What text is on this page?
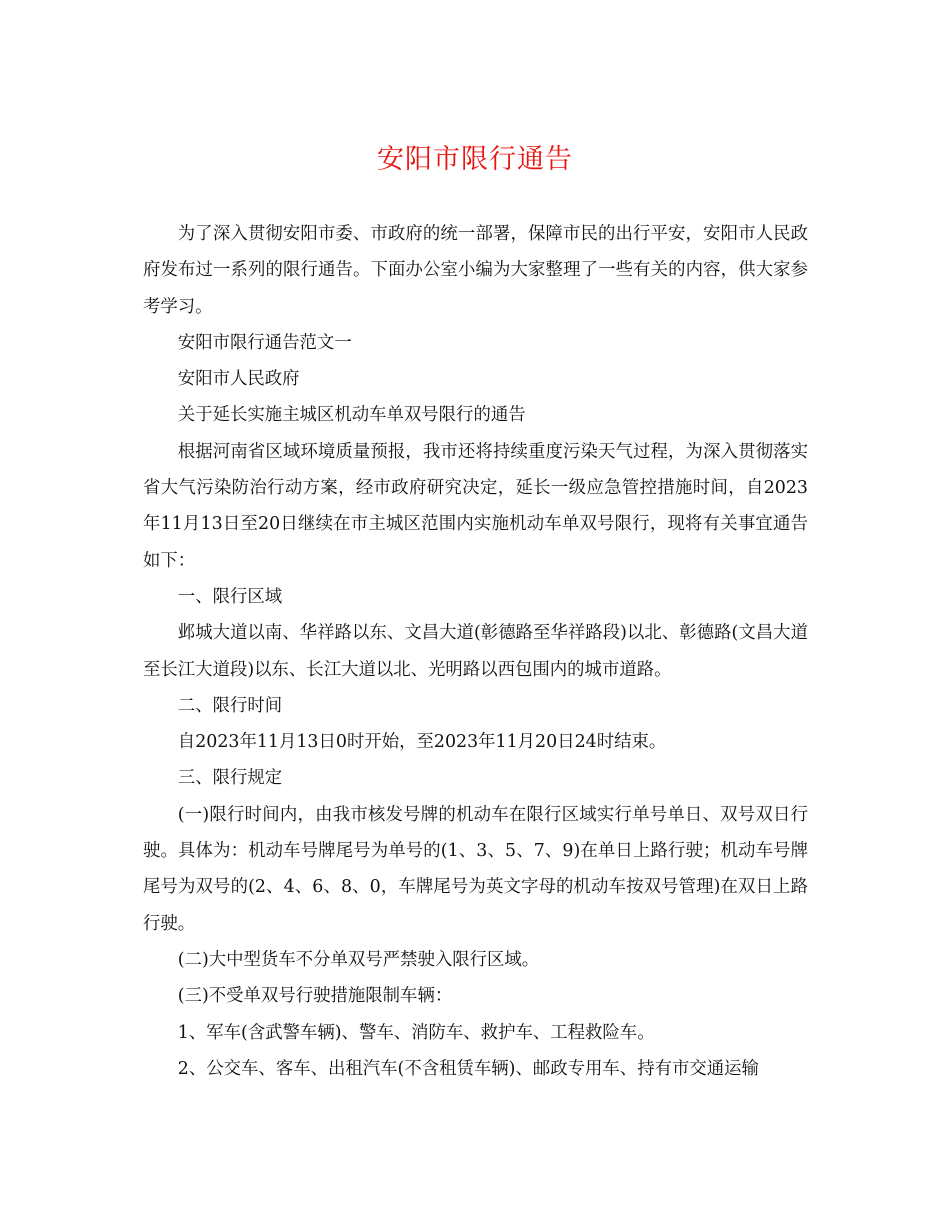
安阳市限行通告

为了深入贯彻安阳市委、市政府的统一部署，保障市民的出行平安，安阳市人民政府发布过一系列的限行通告。下面办公室小编为大家整理了一些有关的内容，供大家参考学习。

安阳市限行通告范文一

安阳市人民政府

关于延长实施主城区机动车单双号限行的通告

根据河南省区域环境质量预报，我市还将持续重度污染天气过程，为深入贯彻落实省大气污染防治行动方案，经市政府研究决定，延长一级应急管控措施时间，自2023年11月13日至20日继续在市主城区范围内实施机动车单双号限行，现将有关事宜通告如下：

一、限行区域

邺城大道以南、华祥路以东、文昌大道(彰德路至华祥路段)以北、彰德路(文昌大道至长江大道段)以东、长江大道以北、光明路以西包围内的城市道路。

二、限行时间

自2023年11月13日0时开始，至2023年11月20日24时结束。

三、限行规定

(一)限行时间内，由我市核发号牌的机动车在限行区域实行单号单日、双号双日行驶。具体为：机动车号牌尾号为单号的(1、3、5、7、9)在单日上路行驶；机动车号牌尾号为双号的(2、4、6、8、0，车牌尾号为英文字母的机动车按双号管理)在双日上路行驶。

(二)大中型货车不分单双号严禁驶入限行区域。

(三)不受单双号行驶措施限制车辆：

1、军车(含武警车辆)、警车、消防车、救护车、工程救险车。

2、公交车、客车、出租汽车(不含租赁车辆)、邮政专用车、持有市交通运输
